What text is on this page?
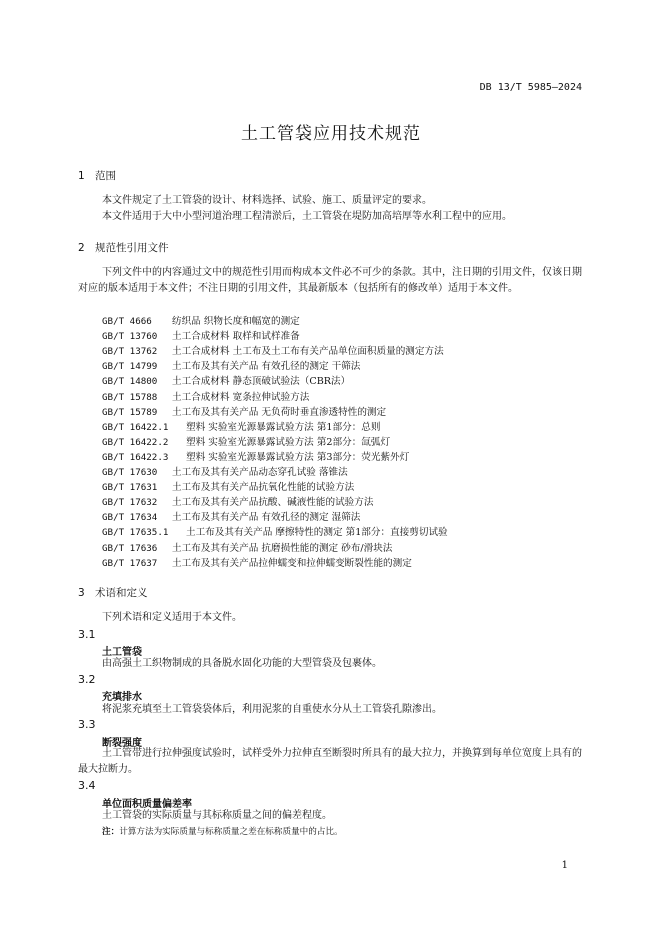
DB 13/T 5985—2024
土工管袋应用技术规范
1 范围
本文件规定了土工管袋的设计、材料选择、试验、施工、质量评定的要求。
本文件适用于大中小型河道治理工程清淤后，土工管袋在堤防加高培厚等水利工程中的应用。
2 规范性引用文件
下列文件中的内容通过文中的规范性引用而构成本文件必不可少的条款。其中，注日期的引用文件，仅该日期对应的版本适用于本文件；不注日期的引用文件，其最新版本（包括所有的修改单）适用于本文件。
GB/T 4666 纺织品 织物长度和幅宽的测定
GB/T 13760 土工合成材料 取样和试样准备
GB/T 13762 土工合成材料 土工布及土工布有关产品单位面积质量的测定方法
GB/T 14799 土工布及其有关产品 有效孔径的测定 干筛法
GB/T 14800 土工合成材料 静态顶破试验法（CBR法）
GB/T 15788 土工合成材料 宽条拉伸试验方法
GB/T 15789 土工布及其有关产品 无负荷时垂直渗透特性的测定
GB/T 16422.1 塑料 实验室光源暴露试验方法 第1部分：总则
GB/T 16422.2 塑料 实验室光源暴露试验方法 第2部分：氙弧灯
GB/T 16422.3 塑料 实验室光源暴露试验方法 第3部分：荧光紫外灯
GB/T 17630 土工布及其有关产品动态穿孔试验 落锥法
GB/T 17631 土工布及其有关产品抗氧化性能的试验方法
GB/T 17632 土工布及其有关产品抗酸、碱液性能的试验方法
GB/T 17634 土工布及其有关产品 有效孔径的测定 湿筛法
GB/T 17635.1 土工布及其有关产品 摩擦特性的测定 第1部分：直接剪切试验
GB/T 17636 土工布及其有关产品 抗磨损性能的测定 砂布/滑块法
GB/T 17637 土工布及其有关产品拉伸蠕变和拉伸蠕变断裂性能的测定
3 术语和定义
下列术语和定义适用于本文件。
3.1
土工管袋
由高强土工织物制成的具备脱水固化功能的大型管袋及包裹体。
3.2
充填排水
将泥浆充填至土工管袋袋体后，利用泥浆的自重使水分从土工管袋孔隙渗出。
3.3
断裂强度
土工管带进行拉伸强度试验时，试样受外力拉伸直至断裂时所具有的最大拉力，并换算到每单位宽度上具有的最大拉断力。
3.4
单位面积质量偏差率
土工管袋的实际质量与其标称质量之间的偏差程度。
注：计算方法为实际质量与标称质量之差在标称质量中的占比。
1
